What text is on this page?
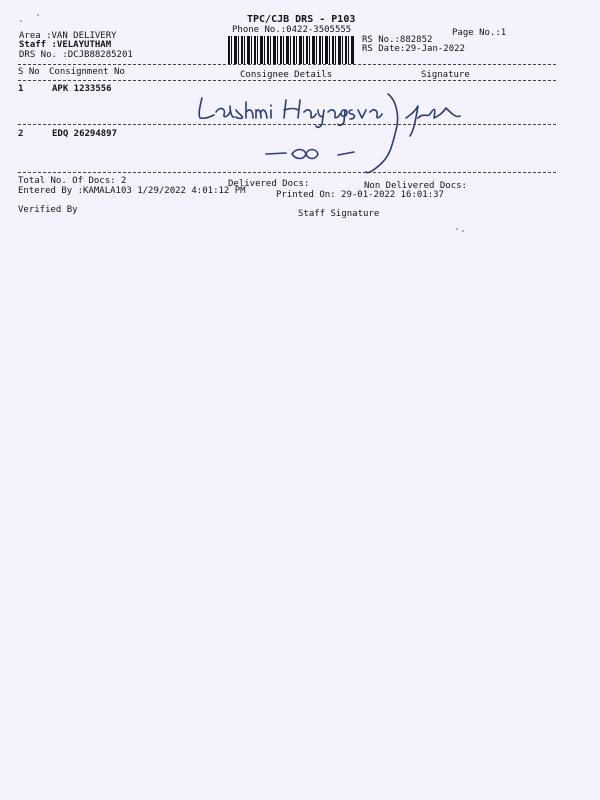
TPC/CJB DRS - P103
Phone No.:0422-3505555	Page No.:1
Area :VAN DELIVERY
Staff :VELAYUTHAM
DRS No. :DCJB88285201
RS No.:882852
RS Date:29-Jan-2022
S No Consignment No	Consignee Details	Signature
1	APK 1233556
2	EDQ 26294897
Total No. Of Docs: 2	Delivered Docs:	Non Delivered Docs:
Entered By :KAMALA103 1/29/2022 4:01:12 PM	Printed On: 29-01-2022 16:01:37
Verified By	Staff Signature
